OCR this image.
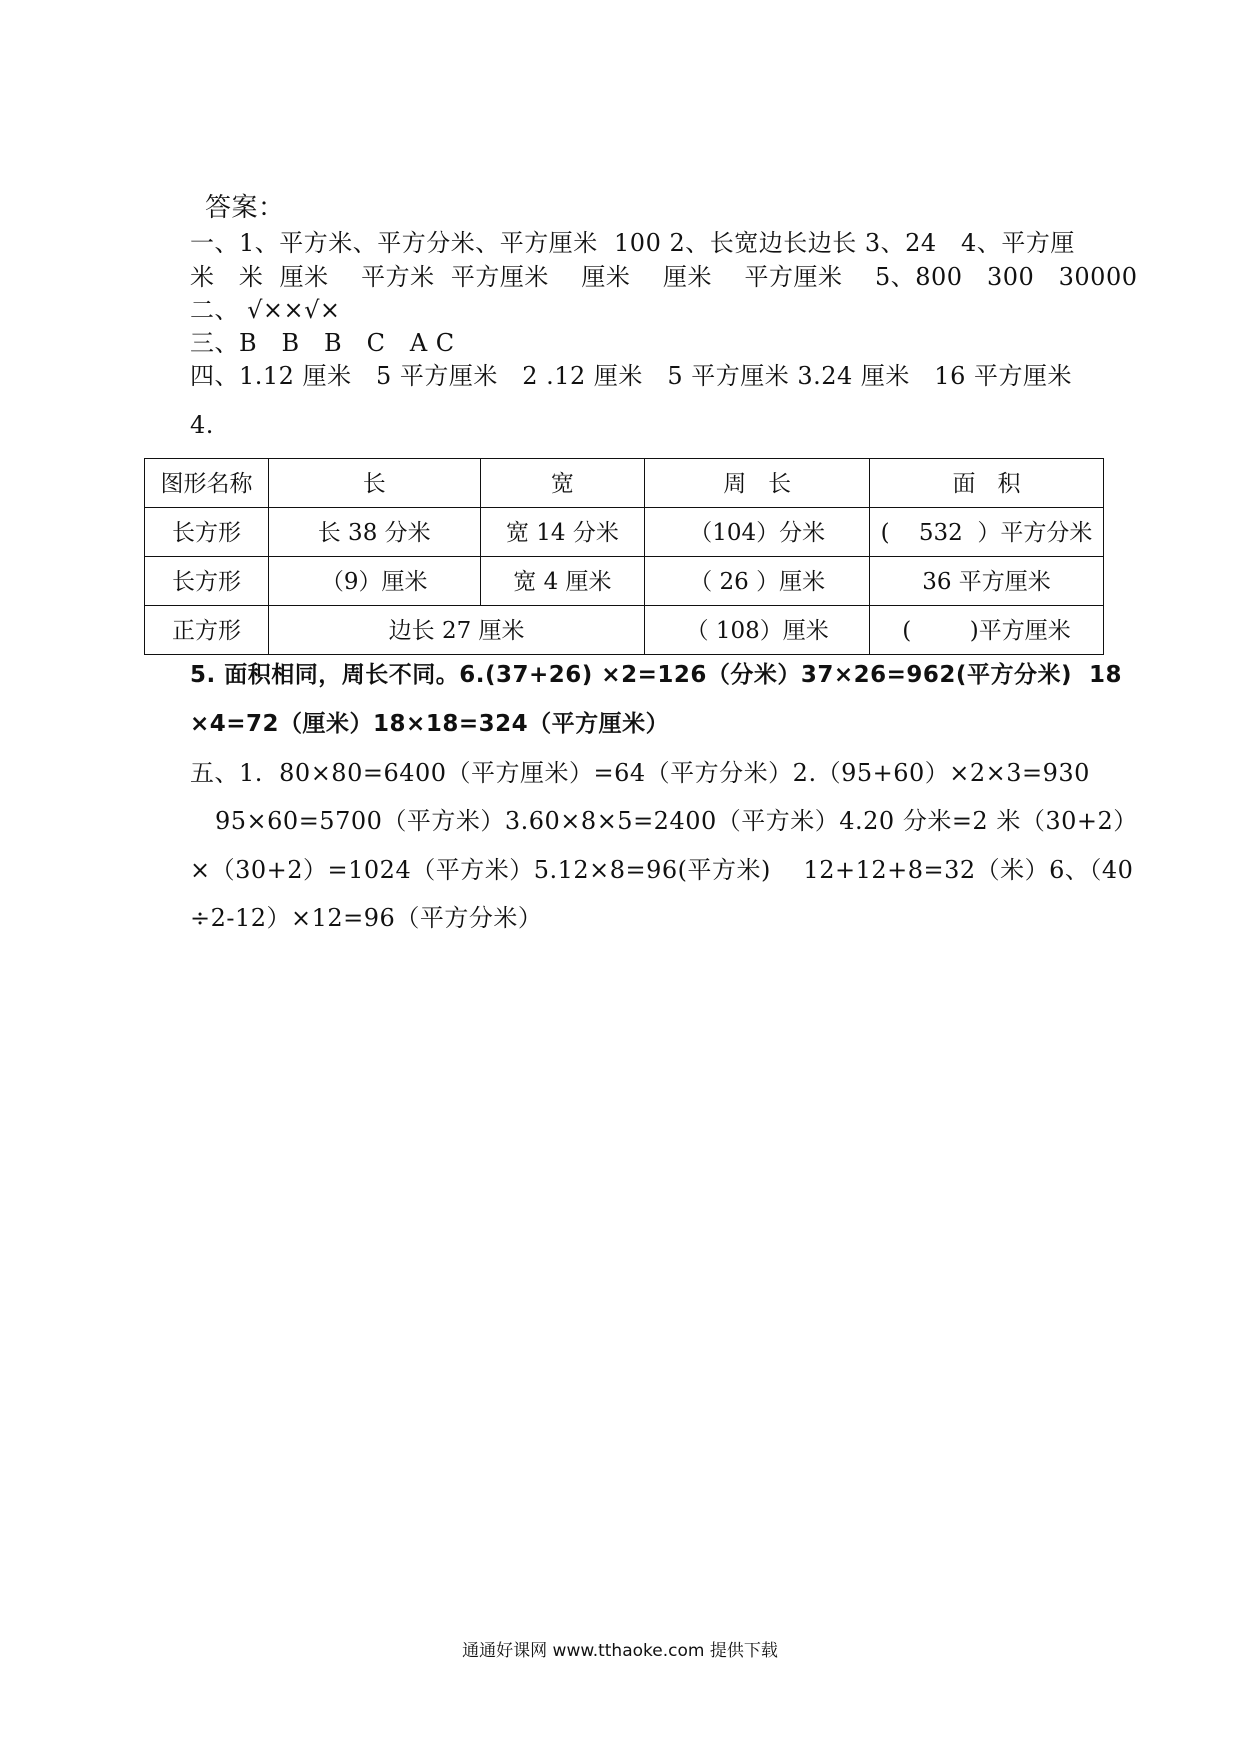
答案：
一、1、平方米、平方分米、平方厘米  100 2、长宽边长边长 3、24   4、平方厘
米   米  厘米    平方米  平方厘米    厘米    厘米    平方厘米    5、800   300   30000
二、 √××√×
三、B   B   B   C   A C
四、1.12 厘米   5 平方厘米   2 .12 厘米   5 平方厘米 3.24 厘米   16 平方厘米
4.
图形名称	长	宽	周   长	面   积
长方形	长 38 分米	宽 14 分米	（104）分米	(    532  ）平方分米
长方形	（9）厘米	宽 4 厘米	（ 26 ）厘米	36 平方厘米
正方形	边长 27 厘米		（ 108）厘米	(        )平方厘米
5. 面积相同，周长不同。6.(37+26) ×2=126（分米）37×26=962(平方分米)  18
×4=72（厘米）18×18=324（平方厘米）
五、1.  80×80=6400（平方厘米）=64（平方分米）2.（95+60）×2×3=930
95×60=5700（平方米）3.60×8×5=2400（平方米）4.20 分米=2 米（30+2）
×（30+2）=1024（平方米）5.12×8=96(平方米)    12+12+8=32（米）6、（40
÷2-12）×12=96（平方分米）
通通好课网 www.tthaoke.com 提供下载
